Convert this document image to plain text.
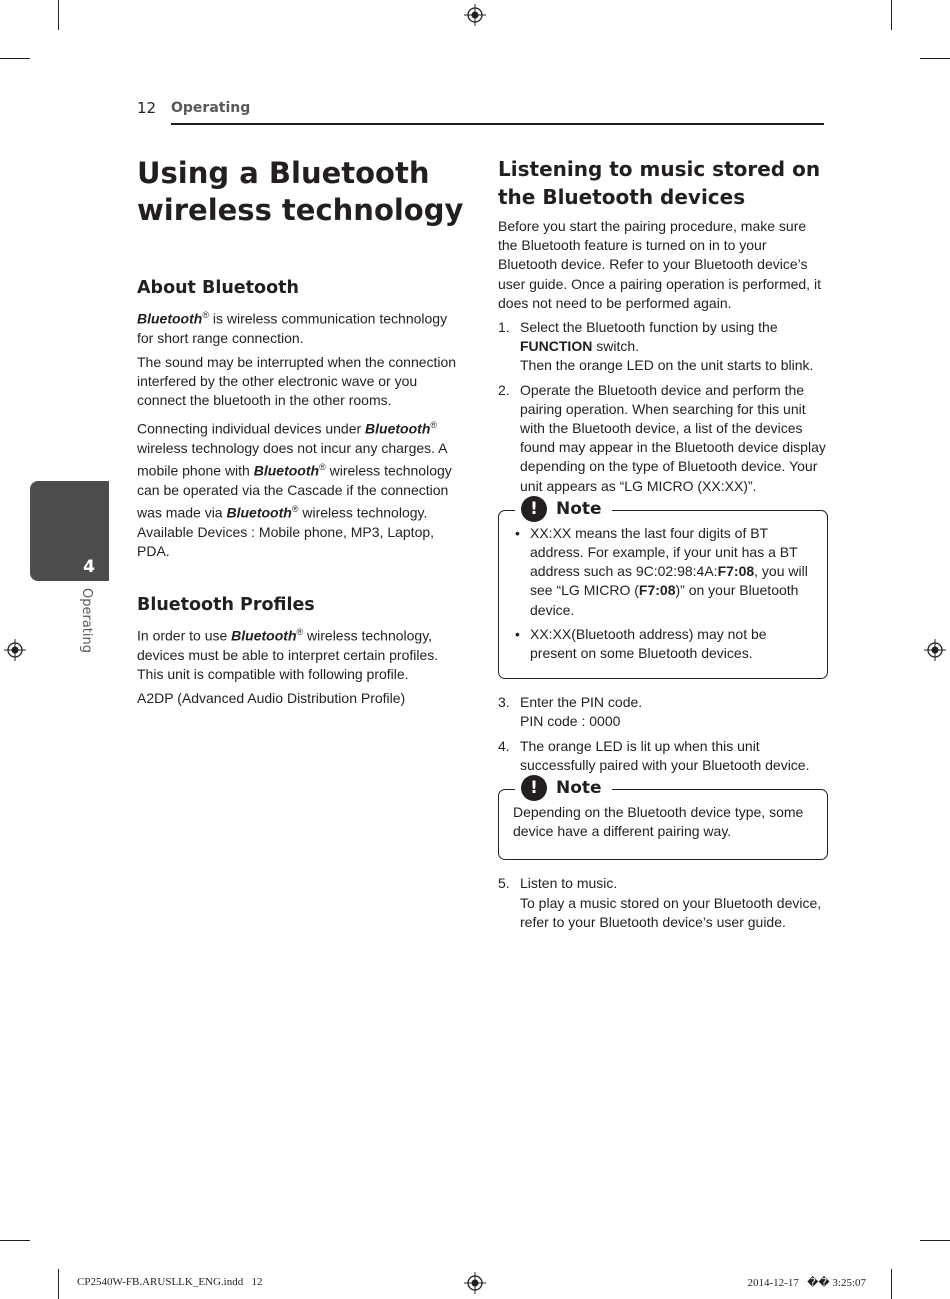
12 Operating
4
Operating
Using a Bluetooth wireless technology
About Bluetooth

Bluetooth® is wireless communication technology for short range connection.

The sound may be interrupted when the connection interfered by the other electronic wave or you connect the bluetooth in the other rooms.

Connecting individual devices under Bluetooth® wireless technology does not incur any charges. A mobile phone with Bluetooth® wireless technology can be operated via the Cascade if the connection was made via Bluetooth® wireless technology.
Available Devices : Mobile phone, MP3, Laptop, PDA.

Bluetooth Profiles

In order to use Bluetooth® wireless technology, devices must be able to interpret certain profiles. This unit is compatible with following profile.

A2DP (Advanced Audio Distribution Profile)

Listening to music stored on the Bluetooth devices

Before you start the pairing procedure, make sure the Bluetooth feature is turned on in to your Bluetooth device. Refer to your Bluetooth device’s user guide. Once a pairing operation is performed, it does not need to be performed again.

1. Select the Bluetooth function by using the FUNCTION switch.
Then the orange LED on the unit starts to blink.
2. Operate the Bluetooth device and perform the pairing operation. When searching for this unit with the Bluetooth device, a list of the devices found may appear in the Bluetooth device display depending on the type of Bluetooth device. Your unit appears as “LG MICRO (XX:XX)”.
!	Note
• XX:XX means the last four digits of BT address. For example, if your unit has a BT address such as 9C:02:98:4A:F7:08, you will see “LG MICRO (F7:08)” on your Bluetooth device.
• XX:XX(Bluetooth address) may not be present on some Bluetooth devices.
3. Enter the PIN code.
PIN code : 0000
4. The orange LED is lit up when this unit successfully paired with your Bluetooth device.
!	Note

Depending on the Bluetooth device type, some device have a different pairing way.

5. Listen to music.
To play a music stored on your Bluetooth device, refer to your Bluetooth device’s user guide.
CP2540W-FB.ARUSLLK_ENG.indd   12	2014-12-17   �� 3:25:07
